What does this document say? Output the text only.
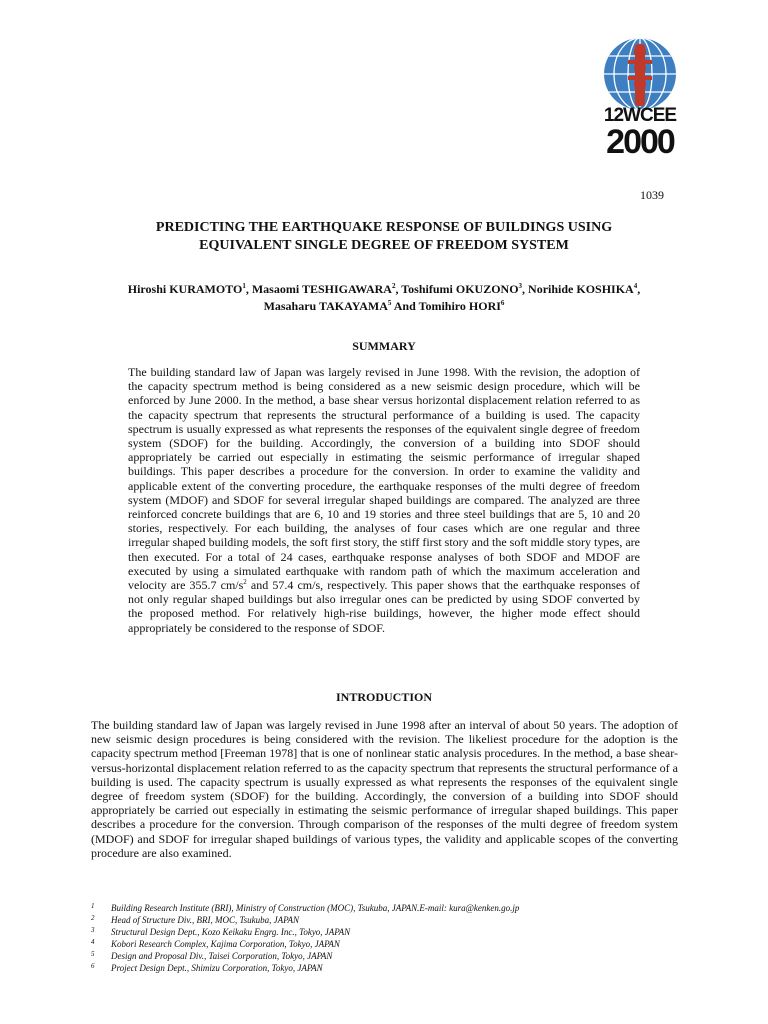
12WCEE
2000
1039
PREDICTING THE EARTHQUAKE RESPONSE OF BUILDINGS USING
EQUIVALENT SINGLE DEGREE OF FREEDOM SYSTEM
Hiroshi KURAMOTO$^1$, Masaomi TESHIGAWARA$^2$, Toshifumi OKUZONO$^3$, Norihide KOSHIKA$^4$,
Masaharu TAKAYAMA$^5$ And Tomihiro HORI$^6$
SUMMARY
The building standard law of Japan was largely revised in June 1998. With the revision, the adoption of the capacity spectrum method is being considered as a new seismic design procedure, which will be enforced by June 2000. In the method, a base shear versus horizontal displacement relation referred to as the capacity spectrum that represents the structural performance of a building is used. The capacity spectrum is usually expressed as what represents the responses of the equivalent single degree of freedom system (SDOF) for the building. Accordingly, the conversion of a building into SDOF should appropriately be carried out especially in estimating the seismic performance of irregular shaped buildings. This paper describes a procedure for the conversion. In order to examine the validity and applicable extent of the converting procedure, the earthquake responses of the multi degree of freedom system (MDOF) and SDOF for several irregular shaped buildings are compared. The analyzed are three reinforced concrete buildings that are 6, 10 and 19 stories and three steel buildings that are 5, 10 and 20 stories, respectively. For each building, the analyses of four cases which are one regular and three irregular shaped building models, the soft first story, the stiff first story and the soft middle story types, are then executed. For a total of 24 cases, earthquake response analyses of both SDOF and MDOF are executed by using a simulated earthquake with random path of which the maximum acceleration and velocity are 355.7 $cm/s^2$ and 57.4 cm/s, respectively. This paper shows that the earthquake responses of not only regular shaped buildings but also irregular ones can be predicted by using SDOF converted by the proposed method. For relatively high-rise buildings, however, the higher mode effect should appropriately be considered to the response of SDOF.
INTRODUCTION
The building standard law of Japan was largely revised in June 1998 after an interval of about 50 years. The adoption of new seismic design procedures is being considered with the revision. The likeliest procedure for the adoption is the capacity spectrum method [Freeman 1978] that is one of nonlinear static analysis procedures. In the method, a base shear-versus-horizontal displacement relation referred to as the capacity spectrum that represents the structural performance of a building is used. The capacity spectrum is usually expressed as what represents the responses of the equivalent single degree of freedom system (SDOF) for the building. Accordingly, the conversion of a building into SDOF should appropriately be carried out especially in estimating the seismic performance of irregular shaped buildings. This paper describes a procedure for the conversion. Through comparison of the responses of the multi degree of freedom system (MDOF) and SDOF for irregular shaped buildings of various types, the validity and applicable scopes of the converting procedure are also examined.
1 Building Research Institute (BRI), Ministry of Construction (MOC), Tsukuba, JAPAN.E-mail: kura@kenken.go.jp
2 Head of Structure Div., BRI, MOC, Tsukuba, JAPAN
3 Structural Design Dept., Kozo Keikaku Engrg. Inc., Tokyo, JAPAN
4 Kobori Research Complex, Kajima Corporation, Tokyo, JAPAN
5 Design and Proposal Div., Taisei Corporation, Tokyo, JAPAN
6 Project Design Dept., Shimizu Corporation, Tokyo, JAPAN
